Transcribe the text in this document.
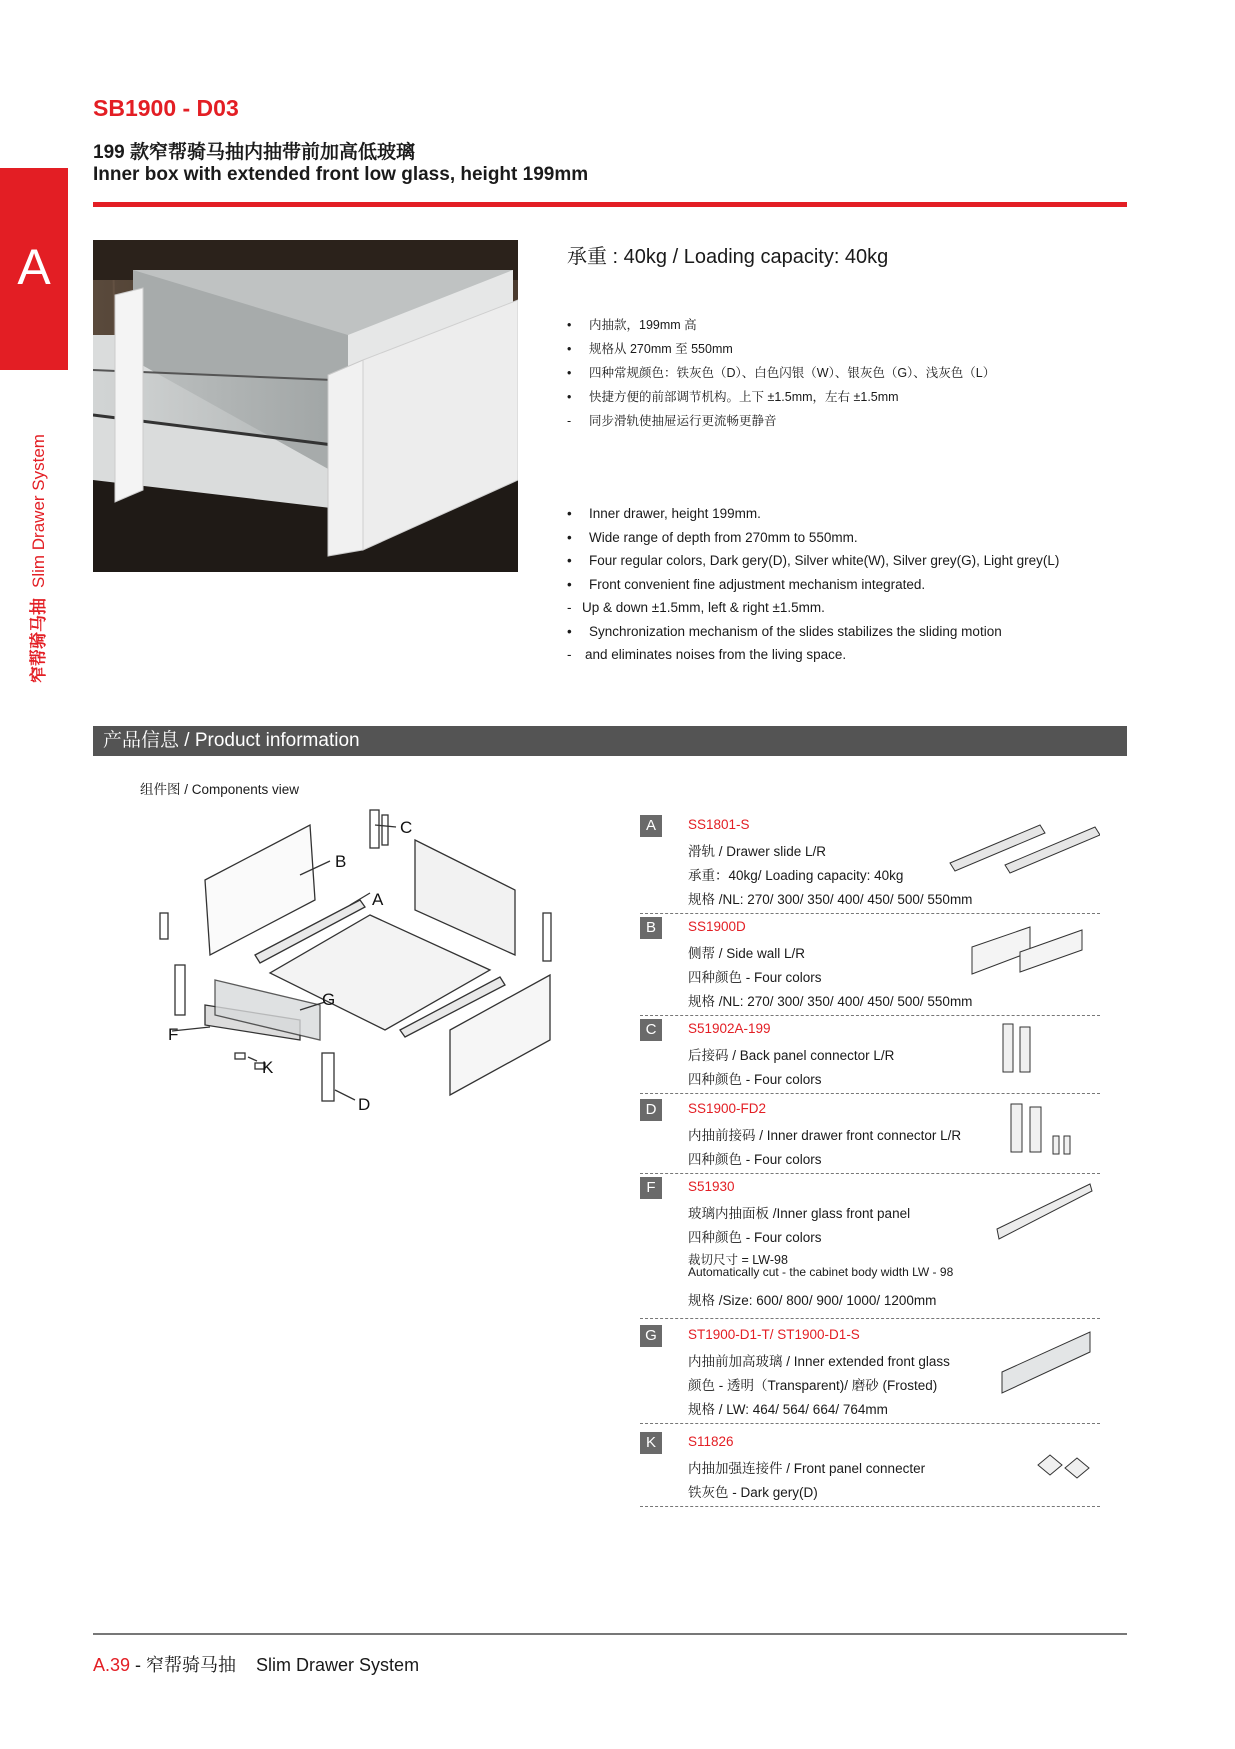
A
窄帮骑马抽Slim Drawer System
SB1900 - D03
199 款窄帮骑马抽内抽带前加高低玻璃
Inner box with extended front low glass, height 199mm
承重 : 40kg / Loading capacity: 40kg
• 内抽款，199mm 高
• 规格从 270mm 至 550mm
• 四种常规颜色：铁灰色（D）、白色闪银（W）、银灰色（G）、浅灰色（L）
• 快捷方便的前部调节机构。上下 ±1.5mm，左右 ±1.5mm
- 同步滑轨使抽屉运行更流畅更静音
• Inner drawer, height 199mm.
• Wide range of depth from 270mm to 550mm.
• Four regular colors, Dark gery(D), Silver white(W), Silver grey(G), Light grey(L)
• Front convenient fine adjustment mechanism integrated.
- Up & down ±1.5mm, left & right ±1.5mm.
• Synchronization mechanism of the slides stabilizes the sliding motion
- and eliminates noises from the living space.
产品信息 / Product information
组件图 / Components view
C
B
A
G
F
K
D
A	SS1801-S
滑轨 / Drawer slide L/R
承重：40kg/ Loading capacity: 40kg
规格 /NL: 270/ 300/ 350/ 400/ 450/ 500/ 550mm
B	SS1900D
侧帮 / Side wall L/R
四种颜色 - Four colors
规格 /NL: 270/ 300/ 350/ 400/ 450/ 500/ 550mm
C	S51902A-199
后接码 / Back panel connector L/R
四种颜色 - Four colors
D	SS1900-FD2
内抽前接码 / Inner drawer front connector L/R
四种颜色 - Four colors
F	S51930
玻璃内抽面板 /Inner glass front panel
四种颜色 - Four colors
裁切尺寸 = LW-98
Automatically cut - the cabinet body width LW - 98
规格 /Size: 600/ 800/ 900/ 1000/ 1200mm
G	ST1900-D1-T/ ST1900-D1-S
内抽前加高玻璃 / Inner extended front glass
颜色 - 透明（Transparent)/ 磨砂 (Frosted)
规格 / LW: 464/ 564/ 664/ 764mm
K	S11826
内抽加强连接件 / Front panel connecter
铁灰色 - Dark gery(D)
A.39 - 窄帮骑马抽 Slim Drawer System
